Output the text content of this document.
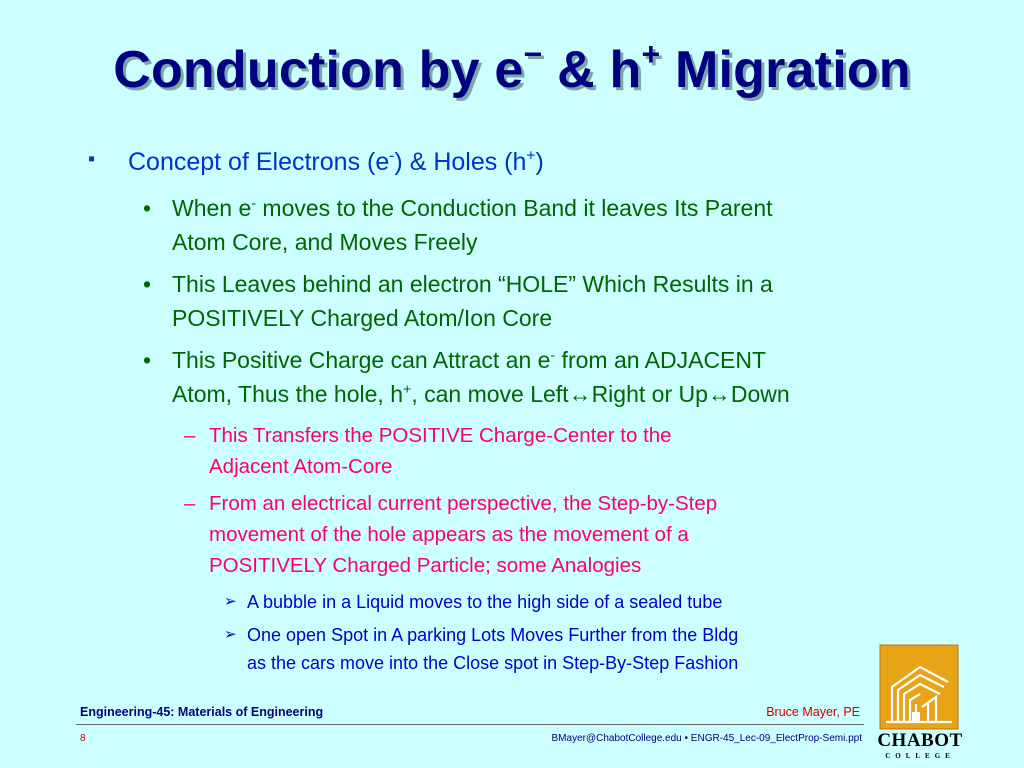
Conduction by e− & h+ Migration
▪ Concept of Electrons (e-) & Holes (h+)
• When e- moves to the Conduction Band it leaves Its Parent
Atom Core, and Moves Freely
• This Leaves behind an electron “HOLE” Which Results in a
POSITIVELY Charged Atom/Ion Core
• This Positive Charge can Attract an e- from an ADJACENT
Atom, Thus the hole, h+, can move Left↔Right or Up↔Down
– This Transfers the POSITIVE Charge-Center to the
Adjacent Atom-Core
– From an electrical current perspective, the Step-by-Step
movement of the hole appears as the movement of a
POSITIVELY Charged Particle; some Analogies
➢ A bubble in a Liquid moves to the high side of a sealed tube
➢ One open Spot in A parking Lots Moves Further from the Bldg
as the cars move into the Close spot in Step-By-Step Fashion
Engineering-45: Materials of Engineering	Bruce Mayer, PE
8	BMayer@ChabotCollege.edu • ENGR-45_Lec-09_ElectProp-Semi.ppt CHABOT
COLLEGE
